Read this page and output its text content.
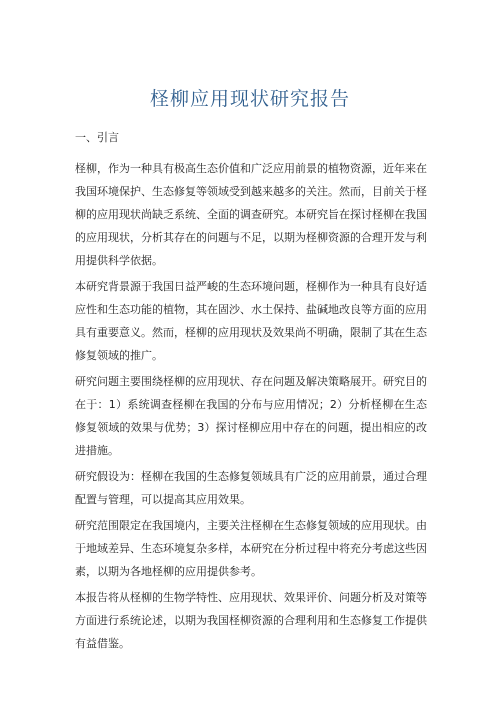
柽柳应用现状研究报告

一、引言

柽柳，作为一种具有极高生态价值和广泛应用前景的植物资源，近年来在我国环境保护、生态修复等领域受到越来越多的关注。然而，目前关于柽柳的应用现状尚缺乏系统、全面的调查研究。本研究旨在探讨柽柳在我国的应用现状，分析其存在的问题与不足，以期为柽柳资源的合理开发与利用提供科学依据。

本研究背景源于我国日益严峻的生态环境问题，柽柳作为一种具有良好适应性和生态功能的植物，其在固沙、水土保持、盐碱地改良等方面的应用具有重要意义。然而，柽柳的应用现状及效果尚不明确，限制了其在生态修复领域的推广。

研究问题主要围绕柽柳的应用现状、存在问题及解决策略展开。研究目的在于：1）系统调查柽柳在我国的分布与应用情况；2）分析柽柳在生态修复领域的效果与优势；3）探讨柽柳应用中存在的问题，提出相应的改进措施。

研究假设为：柽柳在我国的生态修复领域具有广泛的应用前景，通过合理配置与管理，可以提高其应用效果。

研究范围限定在我国境内，主要关注柽柳在生态修复领域的应用现状。由于地域差异、生态环境复杂多样，本研究在分析过程中将充分考虑这些因素，以期为各地柽柳的应用提供参考。

本报告将从柽柳的生物学特性、应用现状、效果评价、问题分析及对策等方面进行系统论述，以期为我国柽柳资源的合理利用和生态修复工作提供有益借鉴。
